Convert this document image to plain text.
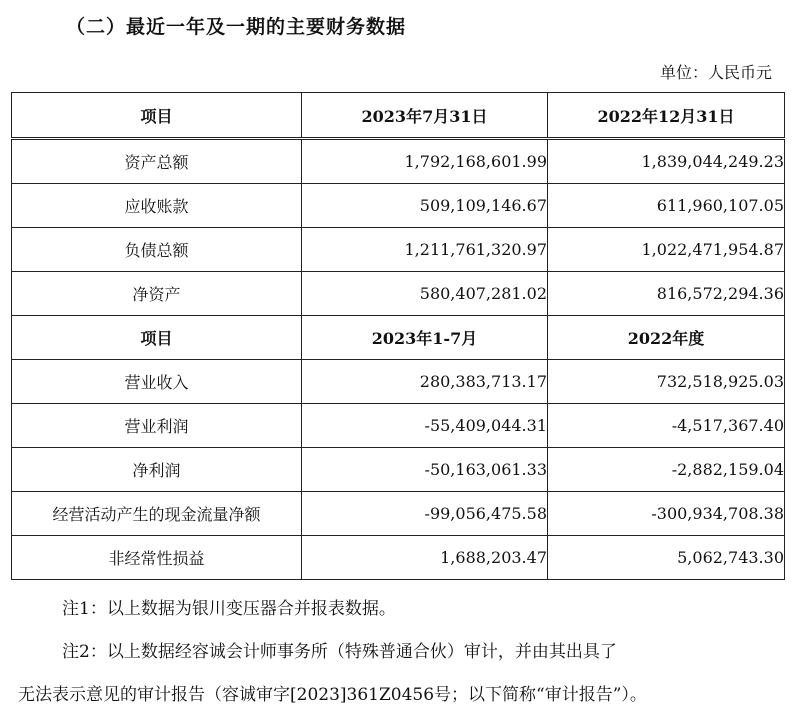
（二）最近一年及一期的主要财务数据
单位：人民币元
项目	2023年7月31日	2022年12月31日
资产总额	1,792,168,601.99	1,839,044,249.23
应收账款	509,109,146.67	611,960,107.05
负债总额	1,211,761,320.97	1,022,471,954.87
净资产	580,407,281.02	816,572,294.36
项目	2023年1-7月	2022年度
营业收入	280,383,713.17	732,518,925.03
营业利润	-55,409,044.31	-4,517,367.40
净利润	-50,163,061.33	-2,882,159.04
经营活动产生的现金流量净额	-99,056,475.58	-300,934,708.38
非经常性损益	1,688,203.47	5,062,743.30
注1：以上数据为银川变压器合并报表数据。
注2：以上数据经容诚会计师事务所（特殊普通合伙）审计，并由其出具了
无法表示意见的审计报告（容诚审字[2023]361Z0456号；以下简称“审计报告”）。
